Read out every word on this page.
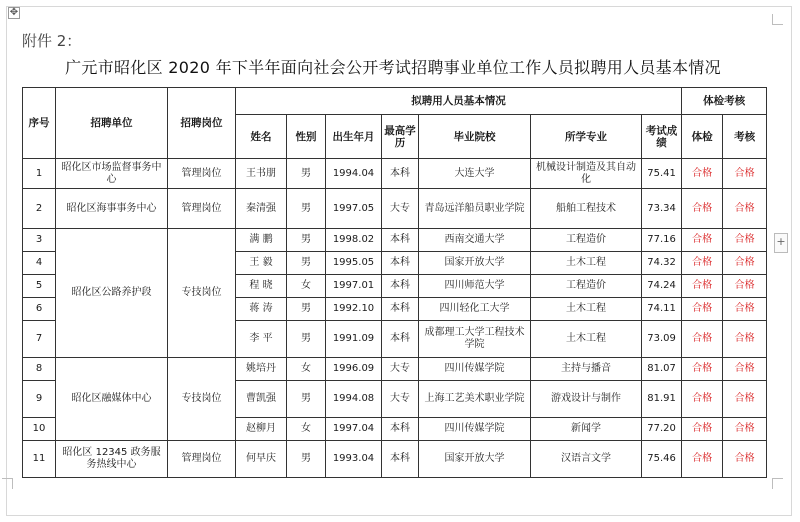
✥
+
附件 2：
广元市昭化区 2020 年下半年面向社会公开考试招聘事业单位工作人员拟聘用人员基本情况
序号	招聘单位	招聘岗位	拟聘用人员基本情况							体检考核	
			姓名	性别	出生年月	最高学历	毕业院校	所学专业	考试成绩	体检	考核
1	昭化区市场监督事务中心	管理岗位	王书朋	男	1994.04	本科	大连大学	机械设计制造及其自动化	75.41	合格	合格
2	昭化区海事事务中心	管理岗位	秦清强	男	1997.05	大专	青岛远洋船员职业学院	船舶工程技术	73.34	合格	合格
3	昭化区公路养护段	专技岗位	满 鹏	男	1998.02	本科	西南交通大学	工程造价	77.16	合格	合格
4			王 毅	男	1995.05	本科	国家开放大学	土木工程	74.32	合格	合格
5			程 晓	女	1997.01	本科	四川师范大学	工程造价	74.24	合格	合格
6			蒋 涛	男	1992.10	本科	四川轻化工大学	土木工程	74.11	合格	合格
7			李 平	男	1991.09	本科	成都理工大学工程技术学院	土木工程	73.09	合格	合格
8	昭化区融媒体中心	专技岗位	姚培丹	女	1996.09	大专	四川传媒学院	主持与播音	81.07	合格	合格
9			曹凯强	男	1994.08	大专	上海工艺美术职业学院	游戏设计与制作	81.91	合格	合格
10			赵柳月	女	1997.04	本科	四川传媒学院	新闻学	77.20	合格	合格
11	昭化区 12345 政务服务热线中心	管理岗位	何早庆	男	1993.04	本科	国家开放大学	汉语言文学	75.46	合格	合格
